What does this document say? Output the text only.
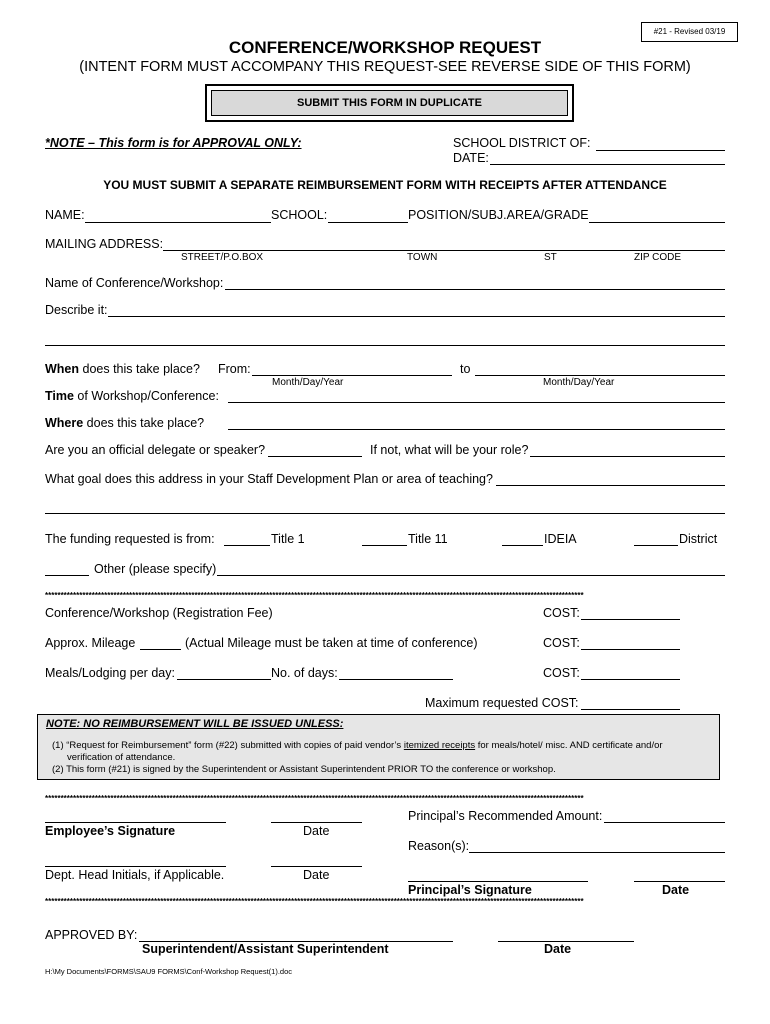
#21 - Revised 03/19
CONFERENCE/WORKSHOP REQUEST
(INTENT FORM MUST ACCOMPANY THIS REQUEST-SEE REVERSE SIDE OF THIS FORM)
SUBMIT THIS FORM IN DUPLICATE
*NOTE – This form is for APPROVAL ONLY:	SCHOOL DISTRICT OF:
DATE:
YOU MUST SUBMIT A SEPARATE REIMBURSEMENT FORM WITH RECEIPTS AFTER ATTENDANCE
NAME:	SCHOOL:	POSITION/SUBJ.AREA/GRADE
MAILING ADDRESS:
STREET/P.O.BOX	TOWN	ST	ZIP CODE
Name of Conference/Workshop:
Describe it:
When does this take place? From:
Month/Day/Year
to
Month/Day/Year
Time of Workshop/Conference:
Where does this take place?
Are you an official delegate or speaker?	If not, what will be your role?
What goal does this address in your Staff Development Plan or area of teaching?
The funding requested is from:	Title 1	Title 11	IDEIA	District
Other (please specify)
*****************************************************************************************************************************************************************************
Conference/Workshop (Registration Fee)	COST:
Approx. Mileage	(Actual Mileage must be taken at time of conference)	COST:
Meals/Lodging per day:	No. of days:	COST:
Maximum requested COST:
NOTE: NO REIMBURSEMENT WILL BE ISSUED UNLESS:
(1) “Request for Reimbursement” form (#22) submitted with copies of paid vendor’s itemized receipts for meals/hotel/ misc. AND certificate and/or
verification of attendance.
(2) This form (#21) is signed by the Superintendent or Assistant Superintendent PRIOR TO the conference or workshop.
*****************************************************************************************************************************************************************************
Principal’s Recommended Amount:
Employee’s Signature	Date
Reason(s):
Dept. Head Initials, if Applicable.	Date
Principal’s Signature	Date
*****************************************************************************************************************************************************************************
APPROVED BY:
Superintendent/Assistant Superintendent	Date
H:\My Documents\FORMS\SAU9 FORMS\Conf-Workshop Request(1).doc
